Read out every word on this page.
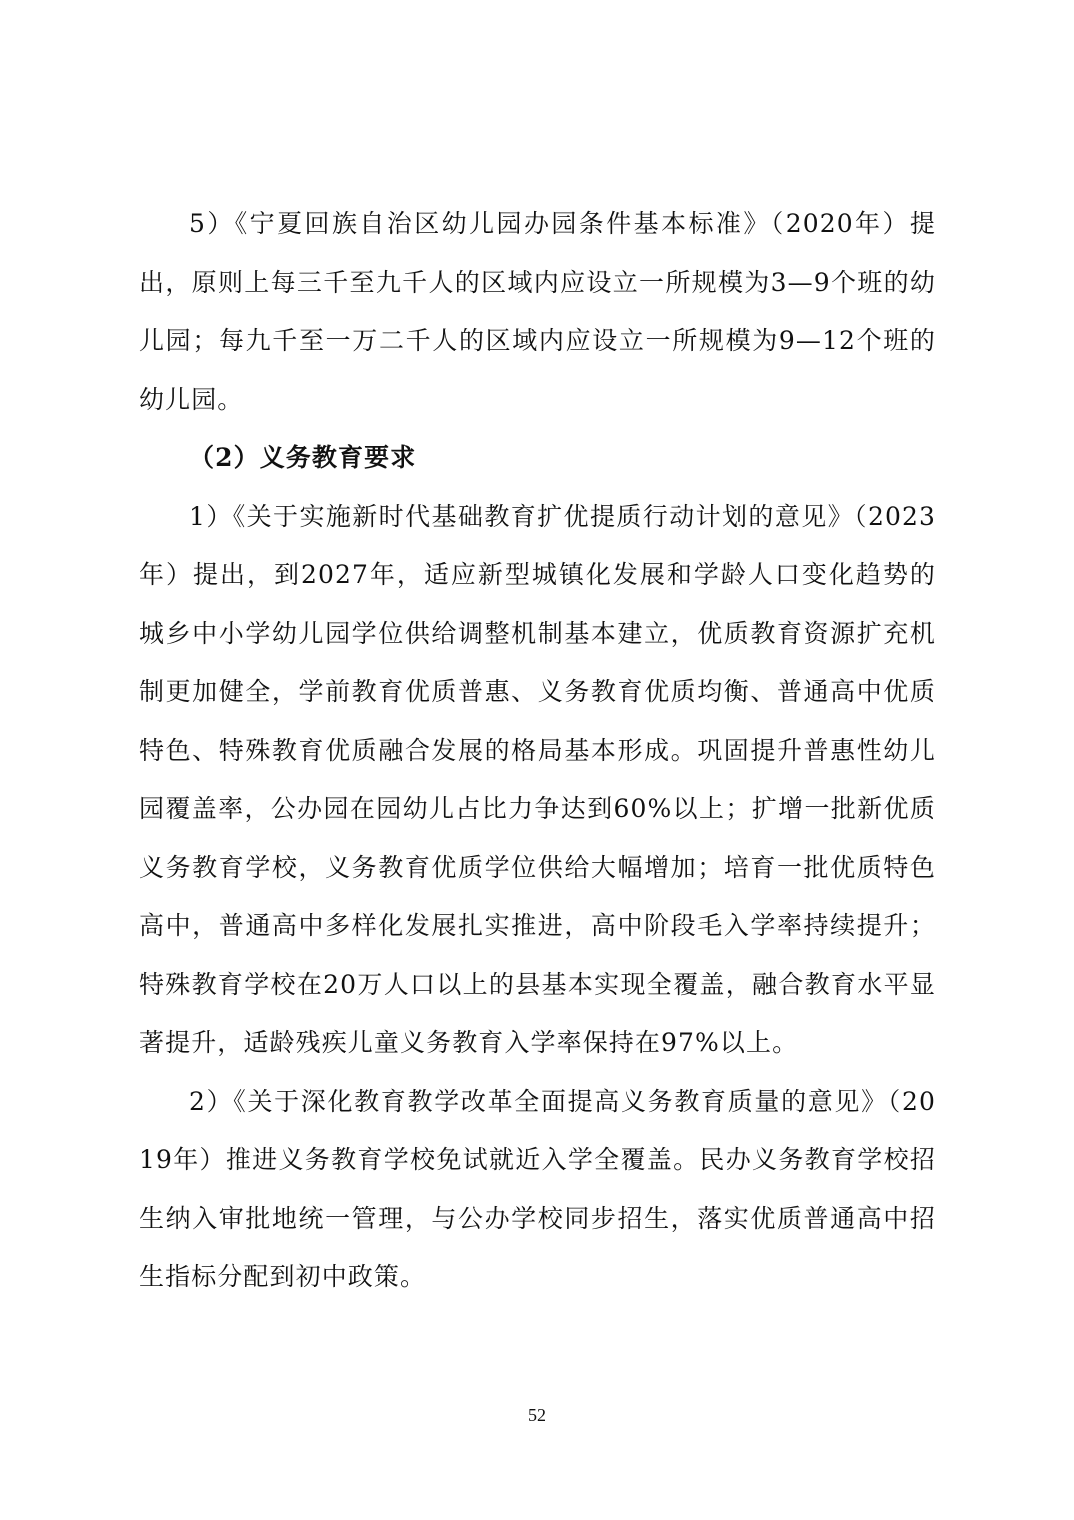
5）《宁夏回族自治区幼儿园办园条件基本标准》（2020年）提出，原则上每三千至九千人的区域内应设立一所规模为3—9个班的幼儿园；每九千至一万二千人的区域内应设立一所规模为9—12个班的幼儿园。

（2）义务教育要求

1）《关于实施新时代基础教育扩优提质行动计划的意见》（2023年）提出，到2027年，适应新型城镇化发展和学龄人口变化趋势的城乡中小学幼儿园学位供给调整机制基本建立，优质教育资源扩充机制更加健全，学前教育优质普惠、义务教育优质均衡、普通高中优质特色、特殊教育优质融合发展的格局基本形成。巩固提升普惠性幼儿园覆盖率，公办园在园幼儿占比力争达到60%以上；扩增一批新优质义务教育学校，义务教育优质学位供给大幅增加；培育一批优质特色高中，普通高中多样化发展扎实推进，高中阶段毛入学率持续提升；特殊教育学校在20万人口以上的县基本实现全覆盖，融合教育水平显著提升，适龄残疾儿童义务教育入学率保持在97%以上。

2）《关于深化教育教学改革全面提高义务教育质量的意见》（2019年）推进义务教育学校免试就近入学全覆盖。民办义务教育学校招生纳入审批地统一管理，与公办学校同步招生，落实优质普通高中招生指标分配到初中政策。

52
